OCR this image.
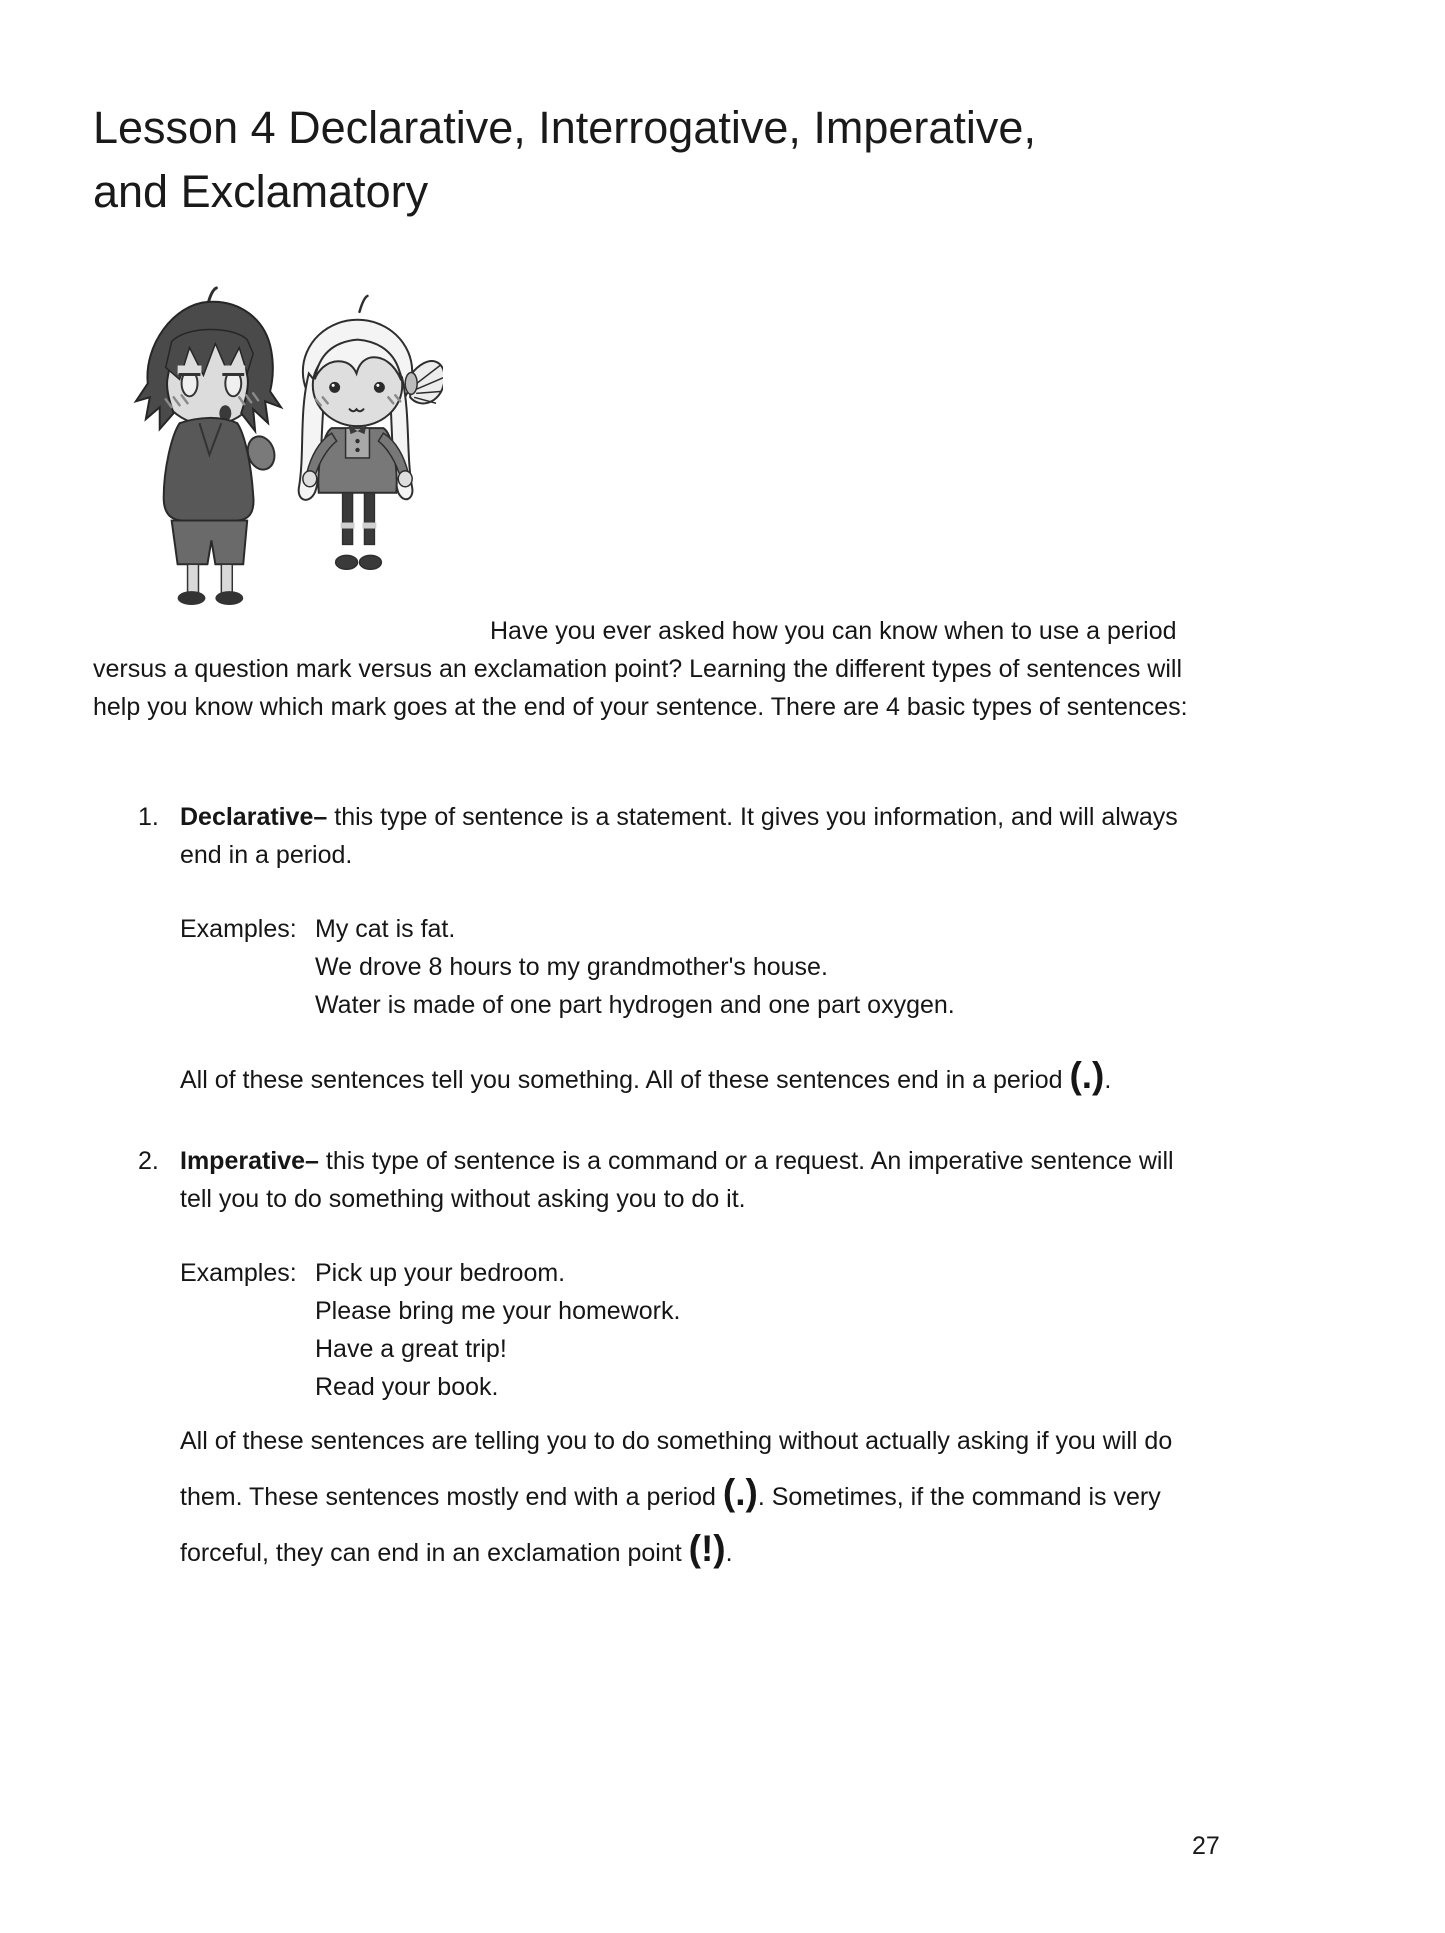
Lesson 4 Declarative, Interrogative, Imperative, and Exclamatory

Have you ever asked how you can know when to use a period versus a question mark versus an exclamation point? Learning the different types of sentences will help you know which mark goes at the end of your sentence. There are 4 basic types of sentences:

1. Declarative– this type of sentence is a statement. It gives you information, and will always end in a period.
Examples: My cat is fat.
We drove 8 hours to my grandmother's house.
Water is made of one part hydrogen and one part oxygen.

All of these sentences tell you something. All of these sentences end in a period (.).

2. Imperative– this type of sentence is a command or a request. An imperative sentence will tell you to do something without asking you to do it.
Examples: Pick up your bedroom.
Please bring me your homework.
Have a great trip!
Read your book.

All of these sentences are telling you to do something without actually asking if you will do them. These sentences mostly end with a period (.). Sometimes, if the command is very forceful, they can end in an exclamation point (!).

27
